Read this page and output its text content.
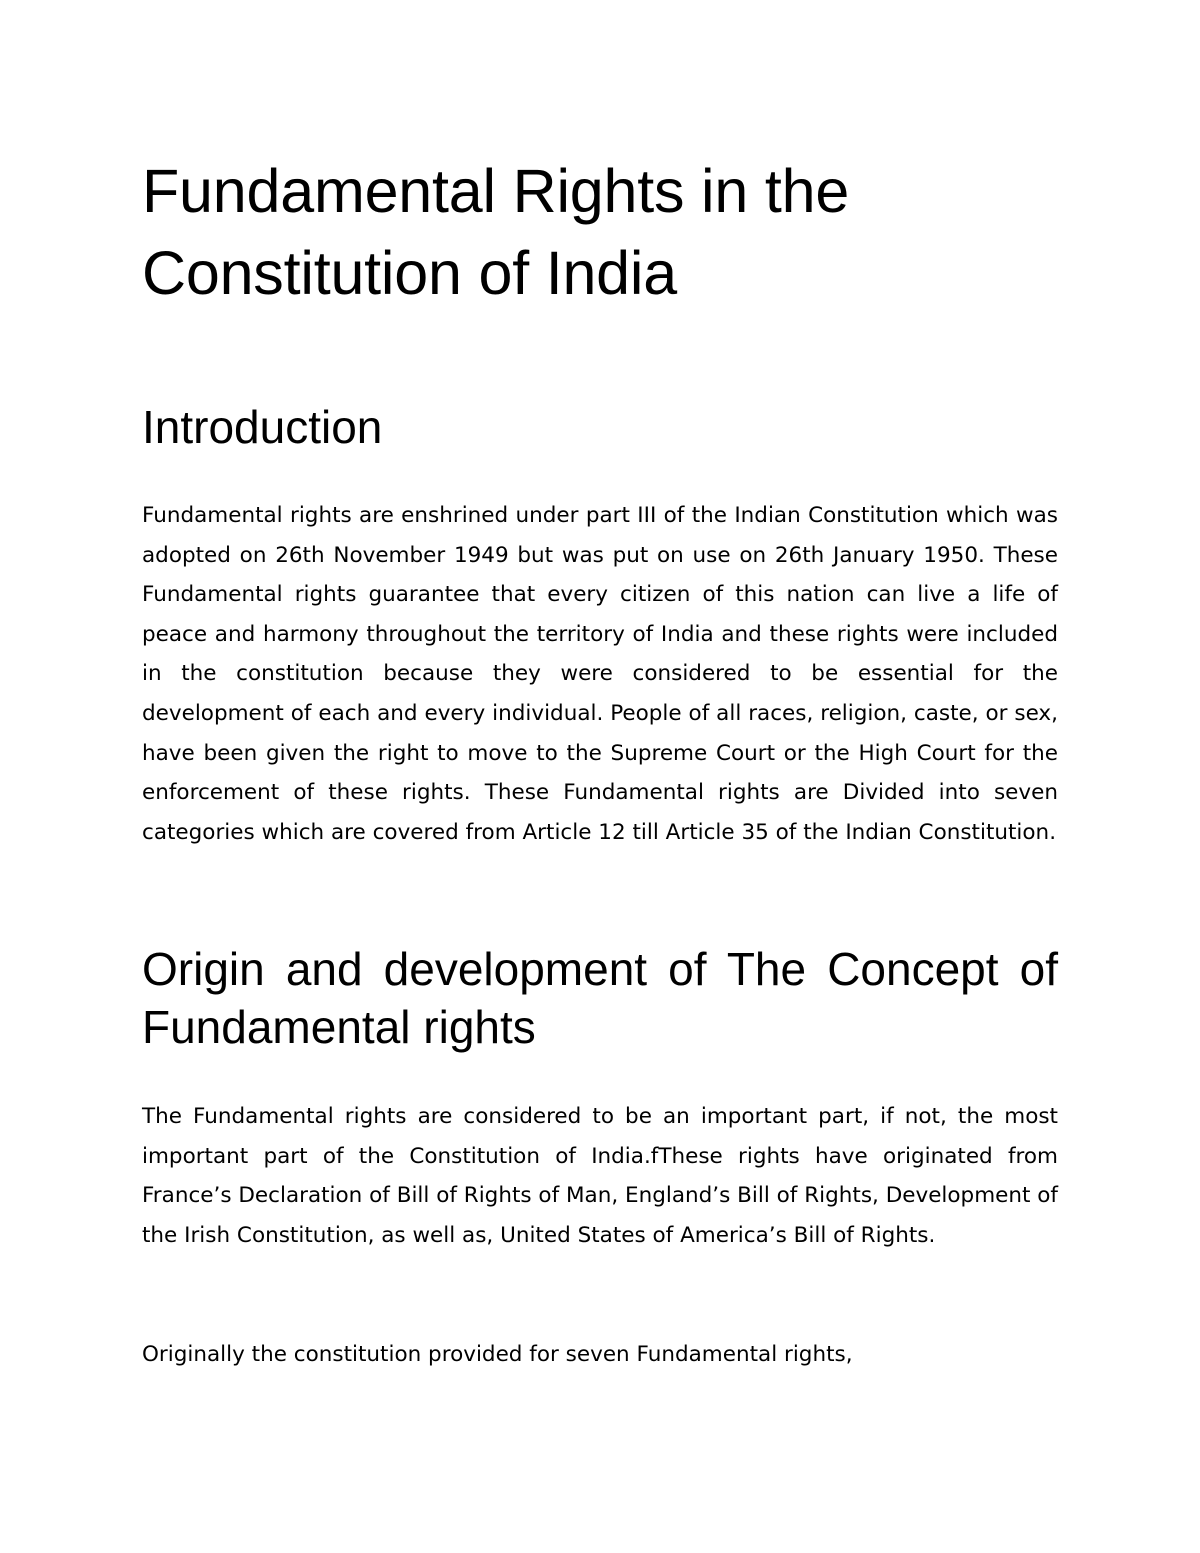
Fundamental Rights in the Constitution of India
Introduction

Fundamental rights are enshrined under part III of the Indian Constitution which was adopted on 26th November 1949 but was put on use on 26th January 1950. These Fundamental rights guarantee that every citizen of this nation can live a life of peace and harmony throughout the territory of India and these rights were included in the constitution because they were considered to be essential for the development of each and every individual. People of all races, religion, caste, or sex, have been given the right to move to the Supreme Court or the High Court for the enforcement of these rights. These Fundamental rights are Divided into seven categories which are covered from Article 12 till Article 35 of the Indian Constitution.

Origin and development of The Concept of Fundamental rights

The Fundamental rights are considered to be an important part, if not, the most important part of the Constitution of India.fThese rights have originated from France’s Declaration of Bill of Rights of Man, England’s Bill of Rights, Development of the Irish Constitution, as well as, United States of America’s Bill of Rights.

Originally the constitution provided for seven Fundamental rights,
